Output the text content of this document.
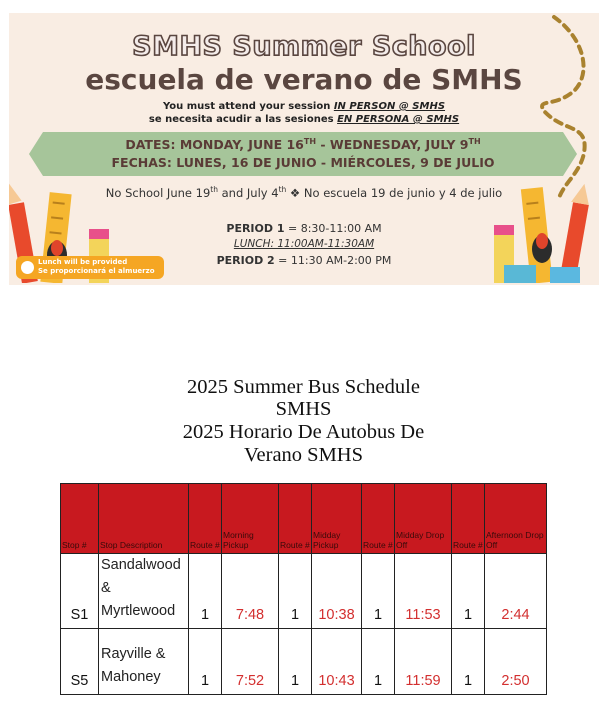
SMHS Summer School
escuela de verano de SMHS
You must attend your session IN PERSON @ SMHS
se necesita acudir a las sesiones EN PERSONA @ SMHS
DATES: MONDAY, JUNE 16TH - WEDNESDAY, JULY 9TH
FECHAS: LUNES, 16 DE JUNIO - MIÉRCOLES, 9 DE JULIO
No School June 19th and July 4th ❖ No escuela 19 de junio y 4 de julio
PERIOD 1 = 8:30-11:00 AM
LUNCH: 11:00AM-11:30AM
PERIOD 2 = 11:30 AM-2:00 PM
Lunch will be provided
Se proporcionará el almuerzo
2025 Summer Bus Schedule
SMHS
2025 Horario De Autobus De
Verano SMHS
Stop #	Stop Description	Route #	Morning Pickup	Route #	Midday Pickup	Route #	Midday Drop Off	Route #	Afternoon Drop Off
S1	Sandalwood
&
Myrtlewood	1	7:48	1	10:38	1	11:53	1	2:44
S5	Rayville &
Mahoney	1	7:52	1	10:43	1	11:59	1	2:50
